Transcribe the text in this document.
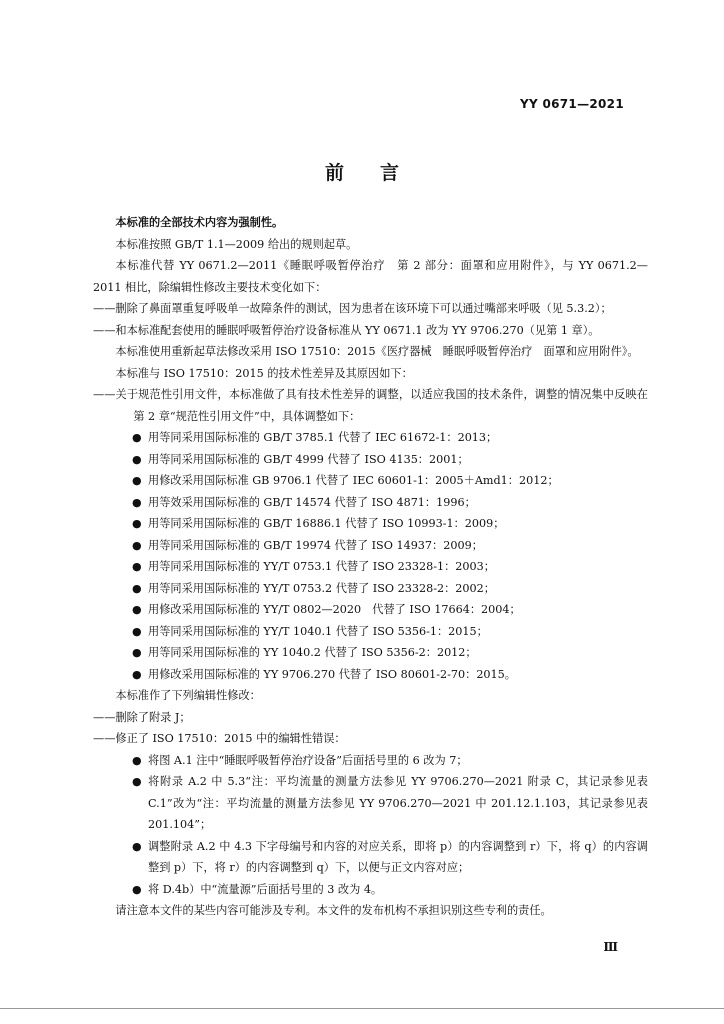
YY 0671—2021
前言

本标准的全部技术内容为强制性。

本标准按照 GB/T 1.1—2009 给出的规则起草。

本标准代替 YY 0671.2—2011《睡眠呼吸暂停治疗　第 2 部分：面罩和应用附件》，与 YY 0671.2—2011 相比，除编辑性修改主要技术变化如下：

——删除了鼻面罩重复呼吸单一故障条件的测试，因为患者在该环境下可以通过嘴部来呼吸（见 5.3.2）；

——和本标准配套使用的睡眠呼吸暂停治疗设备标准从 YY 0671.1 改为 YY 9706.270（见第 1 章）。

本标准使用重新起草法修改采用 ISO 17510：2015《医疗器械　睡眠呼吸暂停治疗　面罩和应用附件》。

本标准与 ISO 17510：2015 的技术性差异及其原因如下：

——关于规范性引用文件，本标准做了具有技术性差异的调整，以适应我国的技术条件，调整的情况集中反映在第 2 章“规范性引用文件”中，具体调整如下：

● 用等同采用国际标准的 GB/T 3785.1 代替了 IEC 61672-1：2013；

● 用等同采用国际标准的 GB/T 4999 代替了 ISO 4135：2001；

● 用修改采用国际标准 GB 9706.1 代替了 IEC 60601-1：2005＋Amd1：2012；

● 用等效采用国际标准的 GB/T 14574 代替了 ISO 4871：1996；

● 用等同采用国际标准的 GB/T 16886.1 代替了 ISO 10993-1：2009；

● 用等同采用国际标准的 GB/T 19974 代替了 ISO 14937：2009；

● 用等同采用国际标准的 YY/T 0753.1 代替了 ISO 23328-1：2003；

● 用等同采用国际标准的 YY/T 0753.2 代替了 ISO 23328-2：2002；

● 用修改采用国际标准的 YY/T 0802—2020　代替了 ISO 17664：2004；

● 用等同采用国际标准的 YY/T 1040.1 代替了 ISO 5356-1：2015；

● 用等同采用国际标准的 YY 1040.2 代替了 ISO 5356-2：2012；

● 用修改采用国际标准的 YY 9706.270 代替了 ISO 80601-2-70：2015。

本标准作了下列编辑性修改：

——删除了附录 J；

——修正了 ISO 17510：2015 中的编辑性错误：

● 将图 A.1 注中“睡眠呼吸暂停治疗设备”后面括号里的 6 改为 7；

● 将附录 A.2 中 5.3“注：平均流量的测量方法参见 YY 9706.270—2021 附录 C，其记录参见表 C.1”改为“注：平均流量的测量方法参见 YY 9706.270—2021 中 201.12.1.103，其记录参见表 201.104”；

● 调整附录 A.2 中 4.3 下字母编号和内容的对应关系，即将 p）的内容调整到 r）下，将 q）的内容调整到 p）下，将 r）的内容调整到 q）下，以便与正文内容对应；

● 将 D.4b）中“流量源”后面括号里的 3 改为 4。

请注意本文件的某些内容可能涉及专利。本文件的发布机构不承担识别这些专利的责任。

Ⅲ
